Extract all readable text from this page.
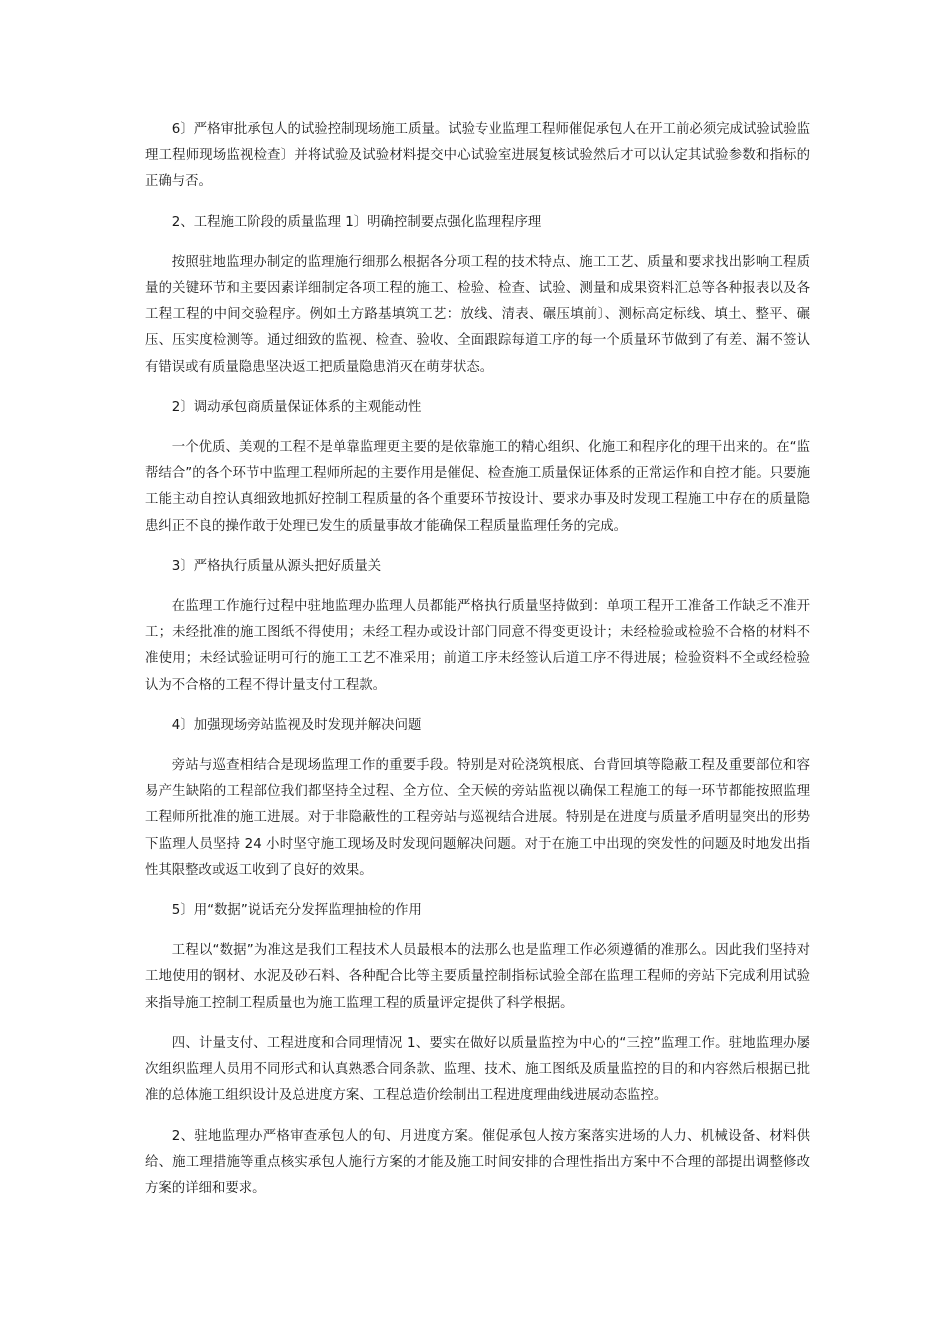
6〕严格审批承包人的试验控制现场施工质量。试验专业监理工程师催促承包人在开工前必须完成试验试验监理工程师现场监视检查〕并将试验及试验材料提交中心试验室进展复核试验然后才可以认定其试验参数和指标的正确与否。

2、工程施工阶段的质量监理 1〕明确控制要点强化监理程序理

按照驻地监理办制定的监理施行细那么根据各分项工程的技术特点、施工工艺、质量和要求找出影响工程质量的关键环节和主要因素详细制定各项工程的施工、检验、检查、试验、测量和成果资料汇总等各种报表以及各工程工程的中间交验程序。例如土方路基填筑工艺：放线、清表、碾压填前〕、测标高定标线、填土、整平、碾压、压实度检测等。通过细致的监视、检查、验收、全面跟踪每道工序的每一个质量环节做到了有差、漏不签认有错误或有质量隐患坚决返工把质量隐患消灭在萌芽状态。

2〕调动承包商质量保证体系的主观能动性

一个优质、美观的工程不是单靠监理更主要的是依靠施工的精心组织、化施工和程序化的理干出来的。在“监帮结合”的各个环节中监理工程师所起的主要作用是催促、检查施工质量保证体系的正常运作和自控才能。只要施工能主动自控认真细致地抓好控制工程质量的各个重要环节按设计、要求办事及时发现工程施工中存在的质量隐患纠正不良的操作敢于处理已发生的质量事故才能确保工程质量监理任务的完成。

3〕严格执行质量从源头把好质量关

在监理工作施行过程中驻地监理办监理人员都能严格执行质量坚持做到：单项工程开工准备工作缺乏不准开工；未经批准的施工图纸不得使用；未经工程办或设计部门同意不得变更设计；未经检验或检验不合格的材料不准使用；未经试验证明可行的施工工艺不准采用；前道工序未经签认后道工序不得进展；检验资料不全或经检验认为不合格的工程不得计量支付工程款。

4〕加强现场旁站监视及时发现并解决问题

旁站与巡查相结合是现场监理工作的重要手段。特别是对砼浇筑根底、台背回填等隐蔽工程及重要部位和容易产生缺陷的工程部位我们都坚持全过程、全方位、全天候的旁站监视以确保工程施工的每一环节都能按照监理工程师所批准的施工进展。对于非隐蔽性的工程旁站与巡视结合进展。特别是在进度与质量矛盾明显突出的形势下监理人员坚持 24 小时坚守施工现场及时发现问题解决问题。对于在施工中出现的突发性的问题及时地发出指性其限整改或返工收到了良好的效果。

5〕用“数据”说话充分发挥监理抽检的作用

工程以“数据”为准这是我们工程技术人员最根本的法那么也是监理工作必须遵循的准那么。因此我们坚持对工地使用的钢材、水泥及砂石料、各种配合比等主要质量控制指标试验全部在监理工程师的旁站下完成利用试验来指导施工控制工程质量也为施工监理工程的质量评定提供了科学根据。

四、计量支付、工程进度和合同理情况 1、要实在做好以质量监控为中心的“三控”监理工作。驻地监理办屡次组织监理人员用不同形式和认真熟悉合同条款、监理、技术、施工图纸及质量监控的目的和内容然后根据已批准的总体施工组织设计及总进度方案、工程总造价绘制出工程进度理曲线进展动态监控。

2、驻地监理办严格审查承包人的旬、月进度方案。催促承包人按方案落实进场的人力、机械设备、材料供给、施工理措施等重点核实承包人施行方案的才能及施工时间安排的合理性指出方案中不合理的部提出调整修改方案的详细和要求。
